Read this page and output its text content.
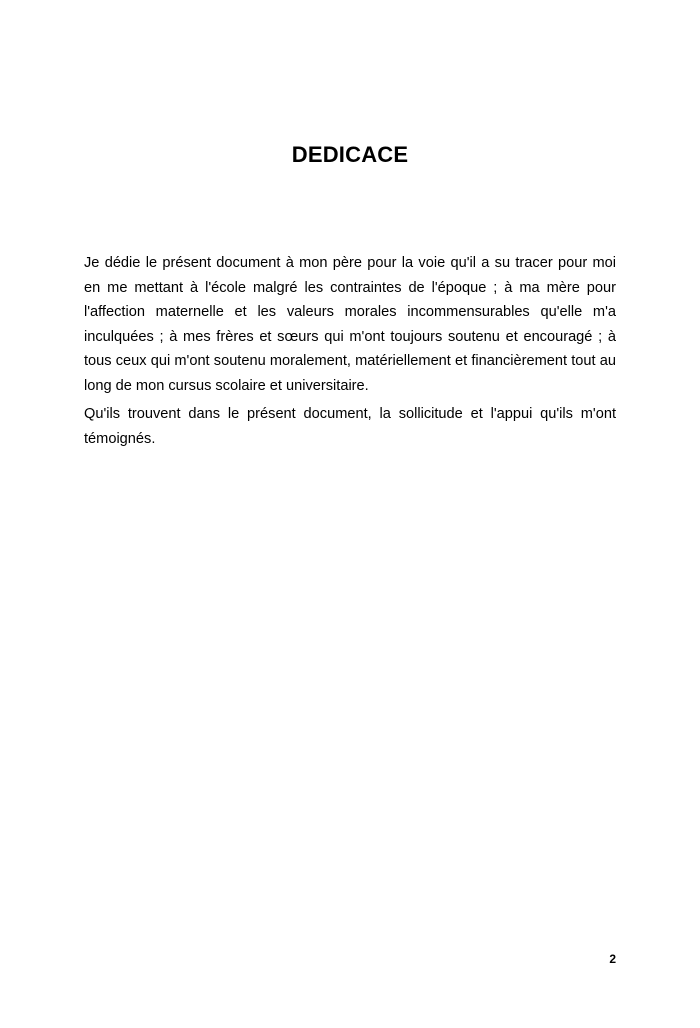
DEDICACE

Je dédie le présent document à mon père pour la voie qu'il a su tracer pour moi en me mettant à l'école malgré les contraintes de l'époque ; à ma mère pour l'affection maternelle et les valeurs morales incommensurables qu'elle m'a inculquées ; à mes frères et sœurs qui m'ont toujours soutenu et encouragé ; à tous ceux qui m'ont soutenu moralement, matériellement et financièrement tout au long de mon cursus scolaire et universitaire.

Qu'ils trouvent dans le présent document, la sollicitude et l'appui qu'ils m'ont témoignés.

2
